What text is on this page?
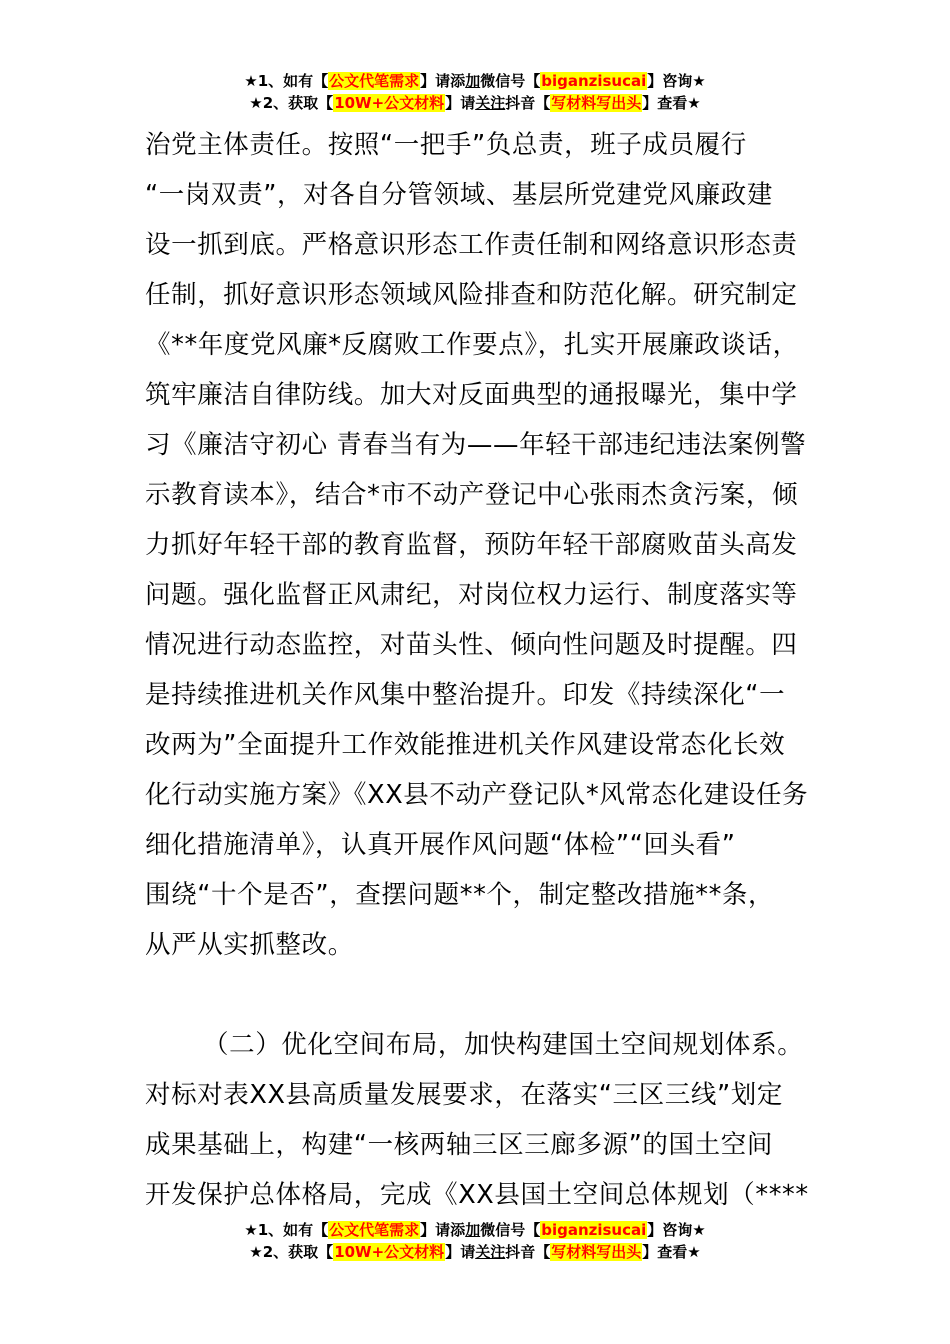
★1、如有【公文代笔需求】请添加微信号【biganzisucai】咨询★
★2、获取【10W+公文材料】请关注抖音【写材料写出头】查看★
治党主体责任。按照“一把手”负总责，班子成员履行
“一岗双责”，对各自分管领域、基层所党建党风廉政建
设一抓到底。严格意识形态工作责任制和网络意识形态责
任制，抓好意识形态领域风险排查和防范化解。研究制定
《**年度党风廉*反腐败工作要点》，扎实开展廉政谈话，
筑牢廉洁自律防线。加大对反面典型的通报曝光，集中学
习《廉洁守初心 青春当有为——年轻干部违纪违法案例警
示教育读本》，结合*市不动产登记中心张雨杰贪污案，倾
力抓好年轻干部的教育监督，预防年轻干部腐败苗头高发
问题。强化监督正风肃纪，对岗位权力运行、制度落实等
情况进行动态监控，对苗头性、倾向性问题及时提醒。四
是持续推进机关作风集中整治提升。印发《持续深化“一
改两为”全面提升工作效能推进机关作风建设常态化长效
化行动实施方案》《XX县不动产登记队*风常态化建设任务
细化措施清单》，认真开展作风问题“体检”“回头看”
围绕“十个是否”，查摆问题**个，制定整改措施**条，
从严从实抓整改。
（二）优化空间布局，加快构建国土空间规划体系。
对标对表XX县高质量发展要求，在落实“三区三线”划定
成果基础上，构建“一核两轴三区三廊多源”的国土空间
开发保护总体格局，完成《XX县国土空间总体规划（****
★1、如有【公文代笔需求】请添加微信号【biganzisucai】咨询★
★2、获取【10W+公文材料】请关注抖音【写材料写出头】查看★
